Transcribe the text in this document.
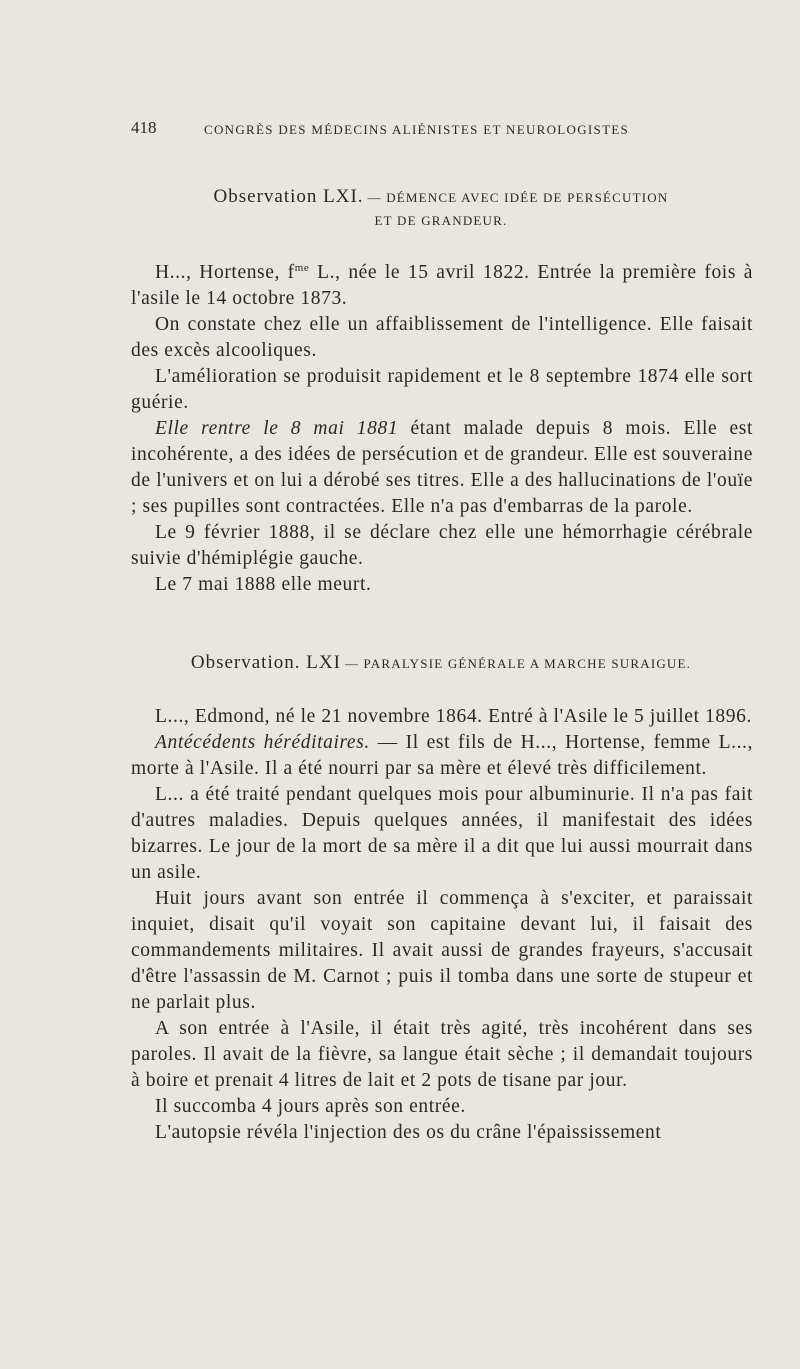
418	CONGRÈS DES MÉDECINS ALIÉNISTES ET NEUROLOGISTES
Observation LXI. — DÉMENCE AVEC IDÉE DE PERSÉCUTION
ET DE GRANDEUR.

H..., Hortense, $f^{me}$ L., née le 15 avril 1822. Entrée la première fois à l'asile le 14 octobre 1873.

On constate chez elle un affaiblissement de l'intelligence. Elle faisait des excès alcooliques.

L'amélioration se produisit rapidement et le 8 septembre 1874 elle sort guérie.

Elle rentre le 8 mai 1881 étant malade depuis 8 mois. Elle est incohérente, a des idées de persécution et de grandeur. Elle est souveraine de l'univers et on lui a dérobé ses titres. Elle a des hallucinations de l'ouïe ; ses pupilles sont contractées. Elle n'a pas d'embarras de la parole.

Le 9 février 1888, il se déclare chez elle une hémorrhagie cérébrale suivie d'hémiplégie gauche.

Le 7 mai 1888 elle meurt.

Observation. LXI — PARALYSIE GÉNÉRALE A MARCHE SURAIGUE.

L..., Edmond, né le 21 novembre 1864. Entré à l'Asile le 5 juillet 1896.

Antécédents héréditaires. — Il est fils de H..., Hortense, femme L..., morte à l'Asile. Il a été nourri par sa mère et élevé très difficilement.

L... a été traité pendant quelques mois pour albuminurie. Il n'a pas fait d'autres maladies. Depuis quelques années, il manifestait des idées bizarres. Le jour de la mort de sa mère il a dit que lui aussi mourrait dans un asile.

Huit jours avant son entrée il commença à s'exciter, et paraissait inquiet, disait qu'il voyait son capitaine devant lui, il faisait des commandements militaires. Il avait aussi de grandes frayeurs, s'accusait d'être l'assassin de M. Carnot ; puis il tomba dans une sorte de stupeur et ne parlait plus.

A son entrée à l'Asile, il était très agité, très incohérent dans ses paroles. Il avait de la fièvre, sa langue était sèche ; il demandait toujours à boire et prenait 4 litres de lait et 2 pots de tisane par jour.

Il succomba 4 jours après son entrée.

L'autopsie révéla l'injection des os du crâne l'épaississement
